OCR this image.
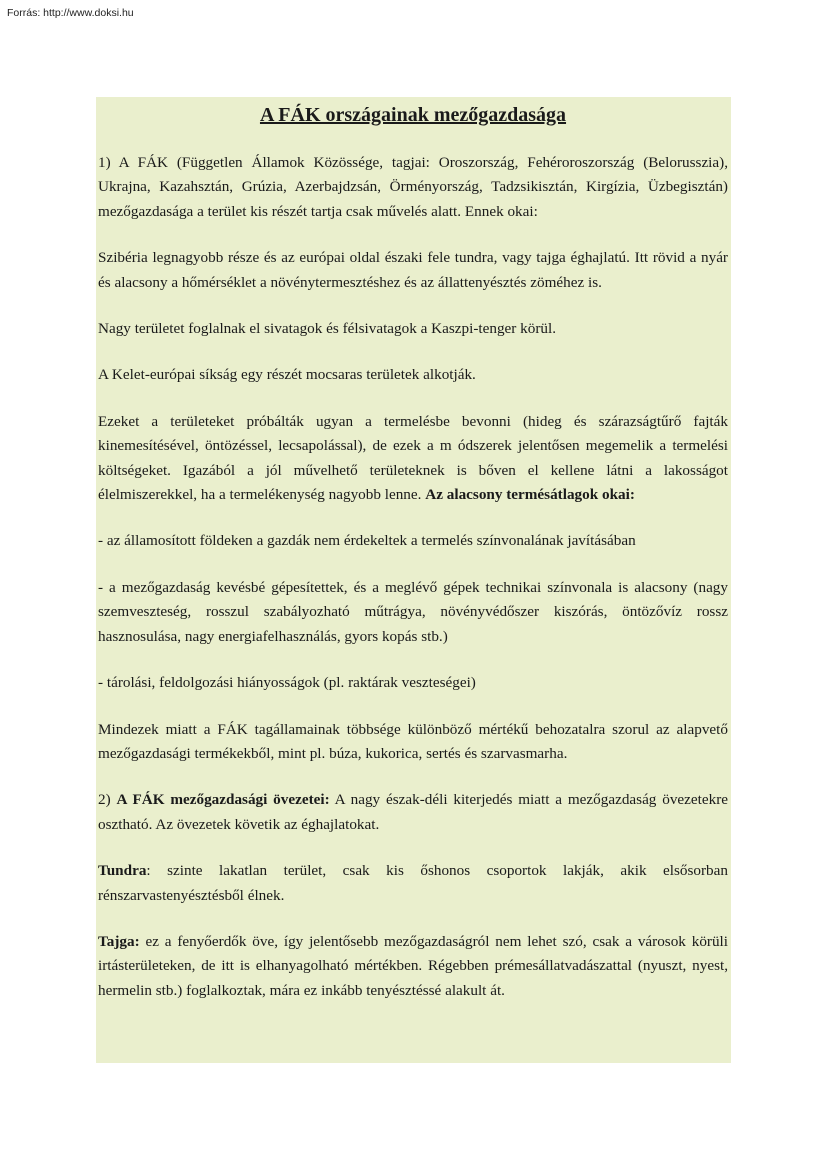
Forrás: http://www.doksi.hu
A FÁK országainak mezőgazdasága

1) A FÁK (Független Államok Közössége, tagjai: Oroszország, Fehéroroszország (Belorusszia), Ukrajna, Kazahsztán, Grúzia, Azerbajdzsán, Örményország, Tadzsikisztán, Kirgízia, Üzbegisztán) mezőgazdasága a terület kis részét tartja csak művelés alatt. Ennek okai:

Szibéria legnagyobb része és az európai oldal északi fele tundra, vagy tajga éghajlatú. Itt rövid a nyár és alacsony a hőmérséklet a növénytermesztéshez és az állattenyésztés zöméhez is.

Nagy területet foglalnak el sivatagok és félsivatagok a Kaszpi-tenger körül.

A Kelet-európai síkság egy részét mocsaras területek alkotják.

Ezeket a területeket próbálták ugyan a termelésbe bevonni (hideg és szárazságtűrő fajták kinemesítésével, öntözéssel, lecsapolással), de ezek a m ódszerek jelentősen megemelik a termelési költségeket. Igazából a jól művelhető területeknek is bőven el kellene látni a lakosságot élelmiszerekkel, ha a termelékenység nagyobb lenne. Az alacsony termésátlagok okai:

- az államosított földeken a gazdák nem érdekeltek a termelés színvonalának javításában

- a mezőgazdaság kevésbé gépesítettek, és a meglévő gépek technikai színvonala is alacsony (nagy szemveszteség, rosszul szabályozható műtrágya, növényvédőszer kiszórás, öntözővíz rossz hasznosulása, nagy energiafelhasználás, gyors kopás stb.)

- tárolási, feldolgozási hiányosságok (pl. raktárak veszteségei)

Mindezek miatt a FÁK tagállamainak többsége különböző mértékű behozatalra szorul az alapvető mezőgazdasági termékekből, mint pl. búza, kukorica, sertés és szarvasmarha.

2) A FÁK mezőgazdasági övezetei: A nagy észak-déli kiterjedés miatt a mezőgazdaság övezetekre osztható. Az övezetek követik az éghajlatokat.

Tundra: szinte lakatlan terület, csak kis őshonos csoportok lakják, akik elsősorban rénszarvastenyésztésből élnek.

Tajga: ez a fenyőerdők öve, így jelentősebb mezőgazdaságról nem lehet szó, csak a városok körüli irtásterületeken, de itt is elhanyagolható mértékben. Régebben prémesállatvadászattal (nyuszt, nyest, hermelin stb.) foglalkoztak, mára ez inkább tenyésztéssé alakult át.
